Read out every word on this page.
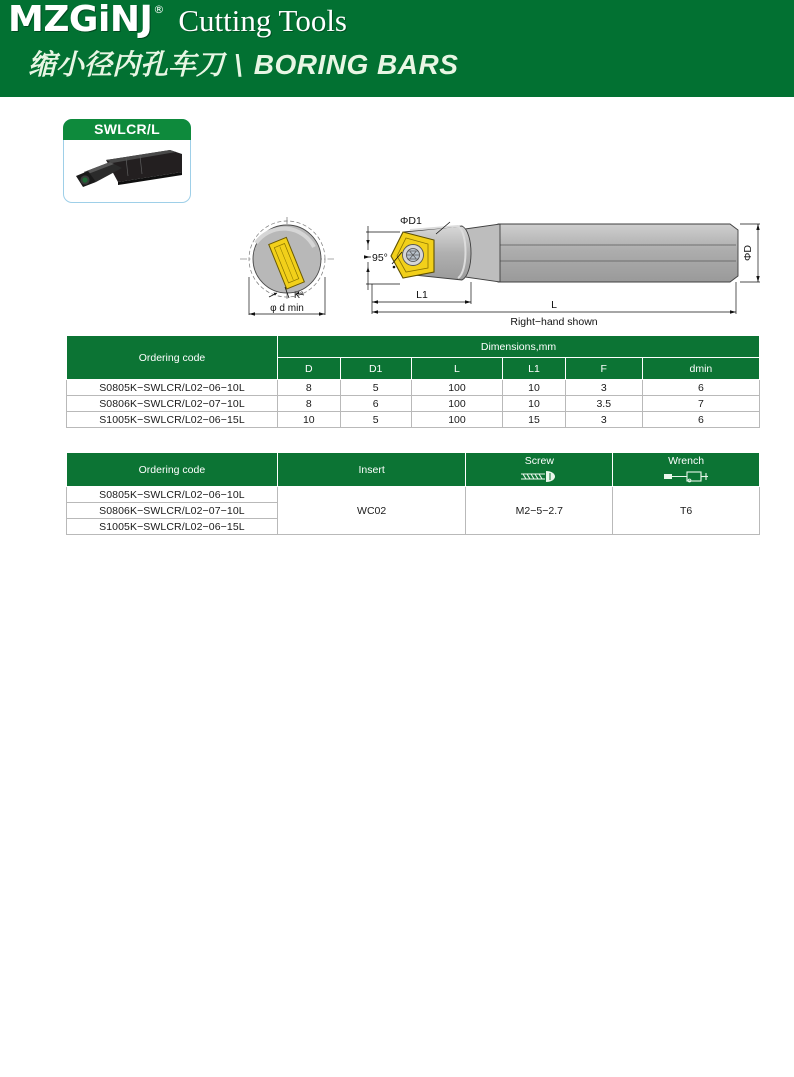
MZGiNJ ® Cutting Tools
缩小径内孔车刀 \ BORING BARS
SWLCR/L
K°
φ d min
ΦD1
95°
L1
L
ΦD
Right−hand shown
Ordering code	Dimensions,mm					
	D	D1	L	L1	F	dmin
S0805K−SWLCR/L02−06−10L	8	5	100	10	3	6
S0806K−SWLCR/L02−07−10L	8	6	100	10	3.5	7
S1005K−SWLCR/L02−06−15L	10	5	100	15	3	6
Ordering code	Insert	Screw	Wrench

S0805K−SWLCR/L02−06−10L	WC02	M2−5−2.7	T6
S0806K−SWLCR/L02−07−10L			
S1005K−SWLCR/L02−06−15L			
